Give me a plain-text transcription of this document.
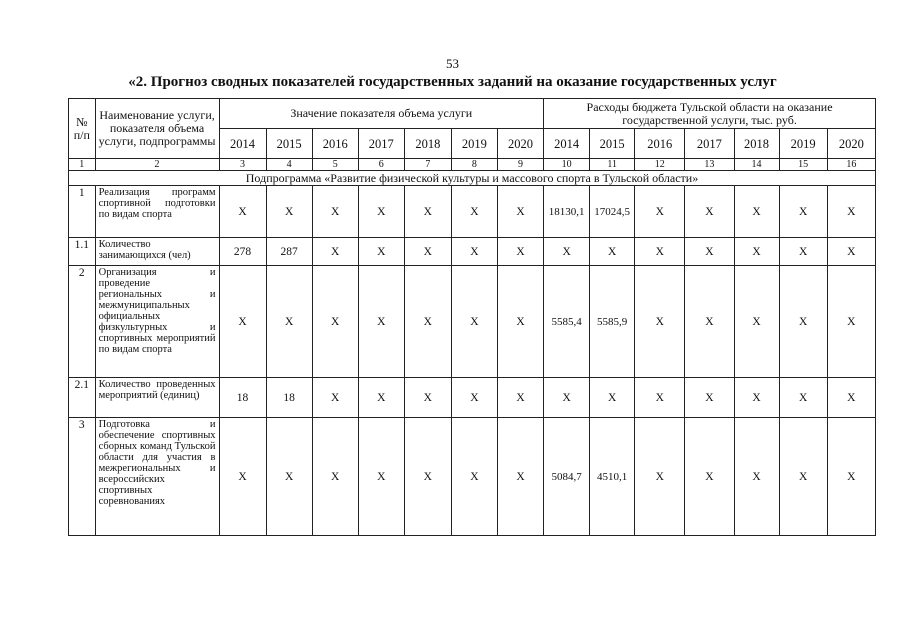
53
«2. Прогноз сводных показателей государственных заданий на оказание государственных услуг
№ п/п	Наименование услуги, показателя объема услуги, подпрограммы	Значение показателя объема услуги							Расходы бюджета Тульской области на оказание государственной услуги, тыс. руб.						
		2014	2015	2016	2017	2018	2019	2020	2014	2015	2016	2017	2018	2019	2020
1	2	3	4	5	6	7	8	9	10	11	12	13	14	15	16
Подпрограмма «Развитие физической культуры и массового спорта в Тульской области»															
1	Реализация программ спортивной подготовки по видам спорта	X	X	X	X	X	X	X	18130,1	17024,5	X	X	X	X	X
1.1	Количество занимающихся (чел)	278	287	X	X	X	X	X	X	X	X	X	X	X	X
2	Организация и проведение региональных и межмуниципальных официальных физкультурных и спортивных мероприятий по видам спорта	X	X	X	X	X	X	X	5585,4	5585,9	X	X	X	X	X
2.1	Количество проведенных мероприятий (единиц)	18	18	X	X	X	X	X	X	X	X	X	X	X	X
3	Подготовка и обеспечение спортивных сборных команд Тульской области для участия в межрегиональных и всероссийских спортивных соревнованиях	X	X	X	X	X	X	X	5084,7	4510,1	X	X	X	X	X
